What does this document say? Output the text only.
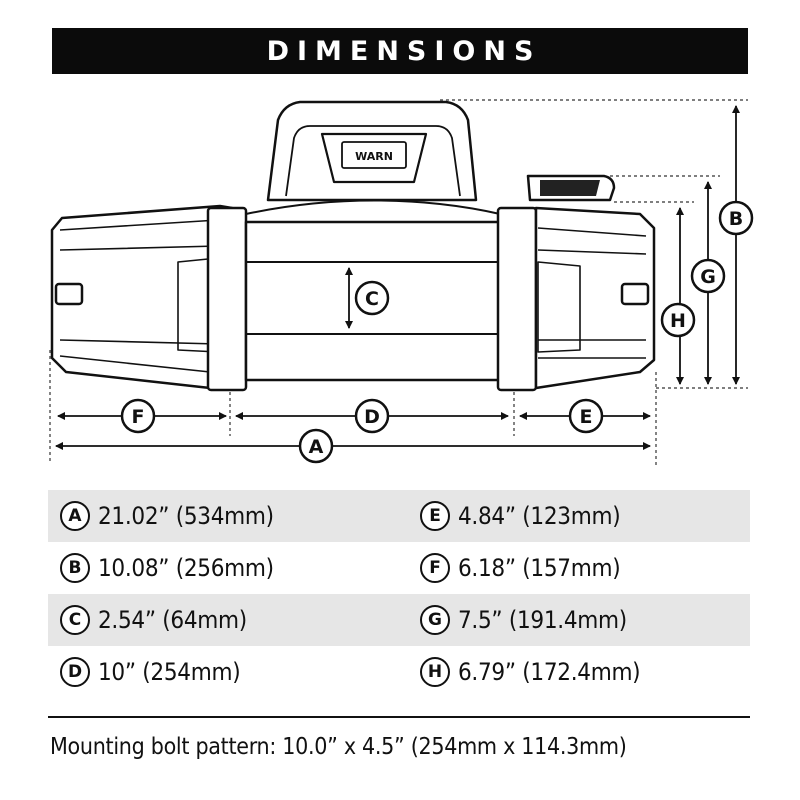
DIMENSIONS
WARN
F	D	E
A
C
B
G
H
A 21.02” (534mm)	E 4.84” (123mm)
B 10.08” (256mm)	F 6.18” (157mm)
C 2.54” (64mm)	G 7.5” (191.4mm)
D 10” (254mm)	H 6.79” (172.4mm)
Mounting bolt pattern: 10.0” x 4.5” (254mm x 114.3mm)
